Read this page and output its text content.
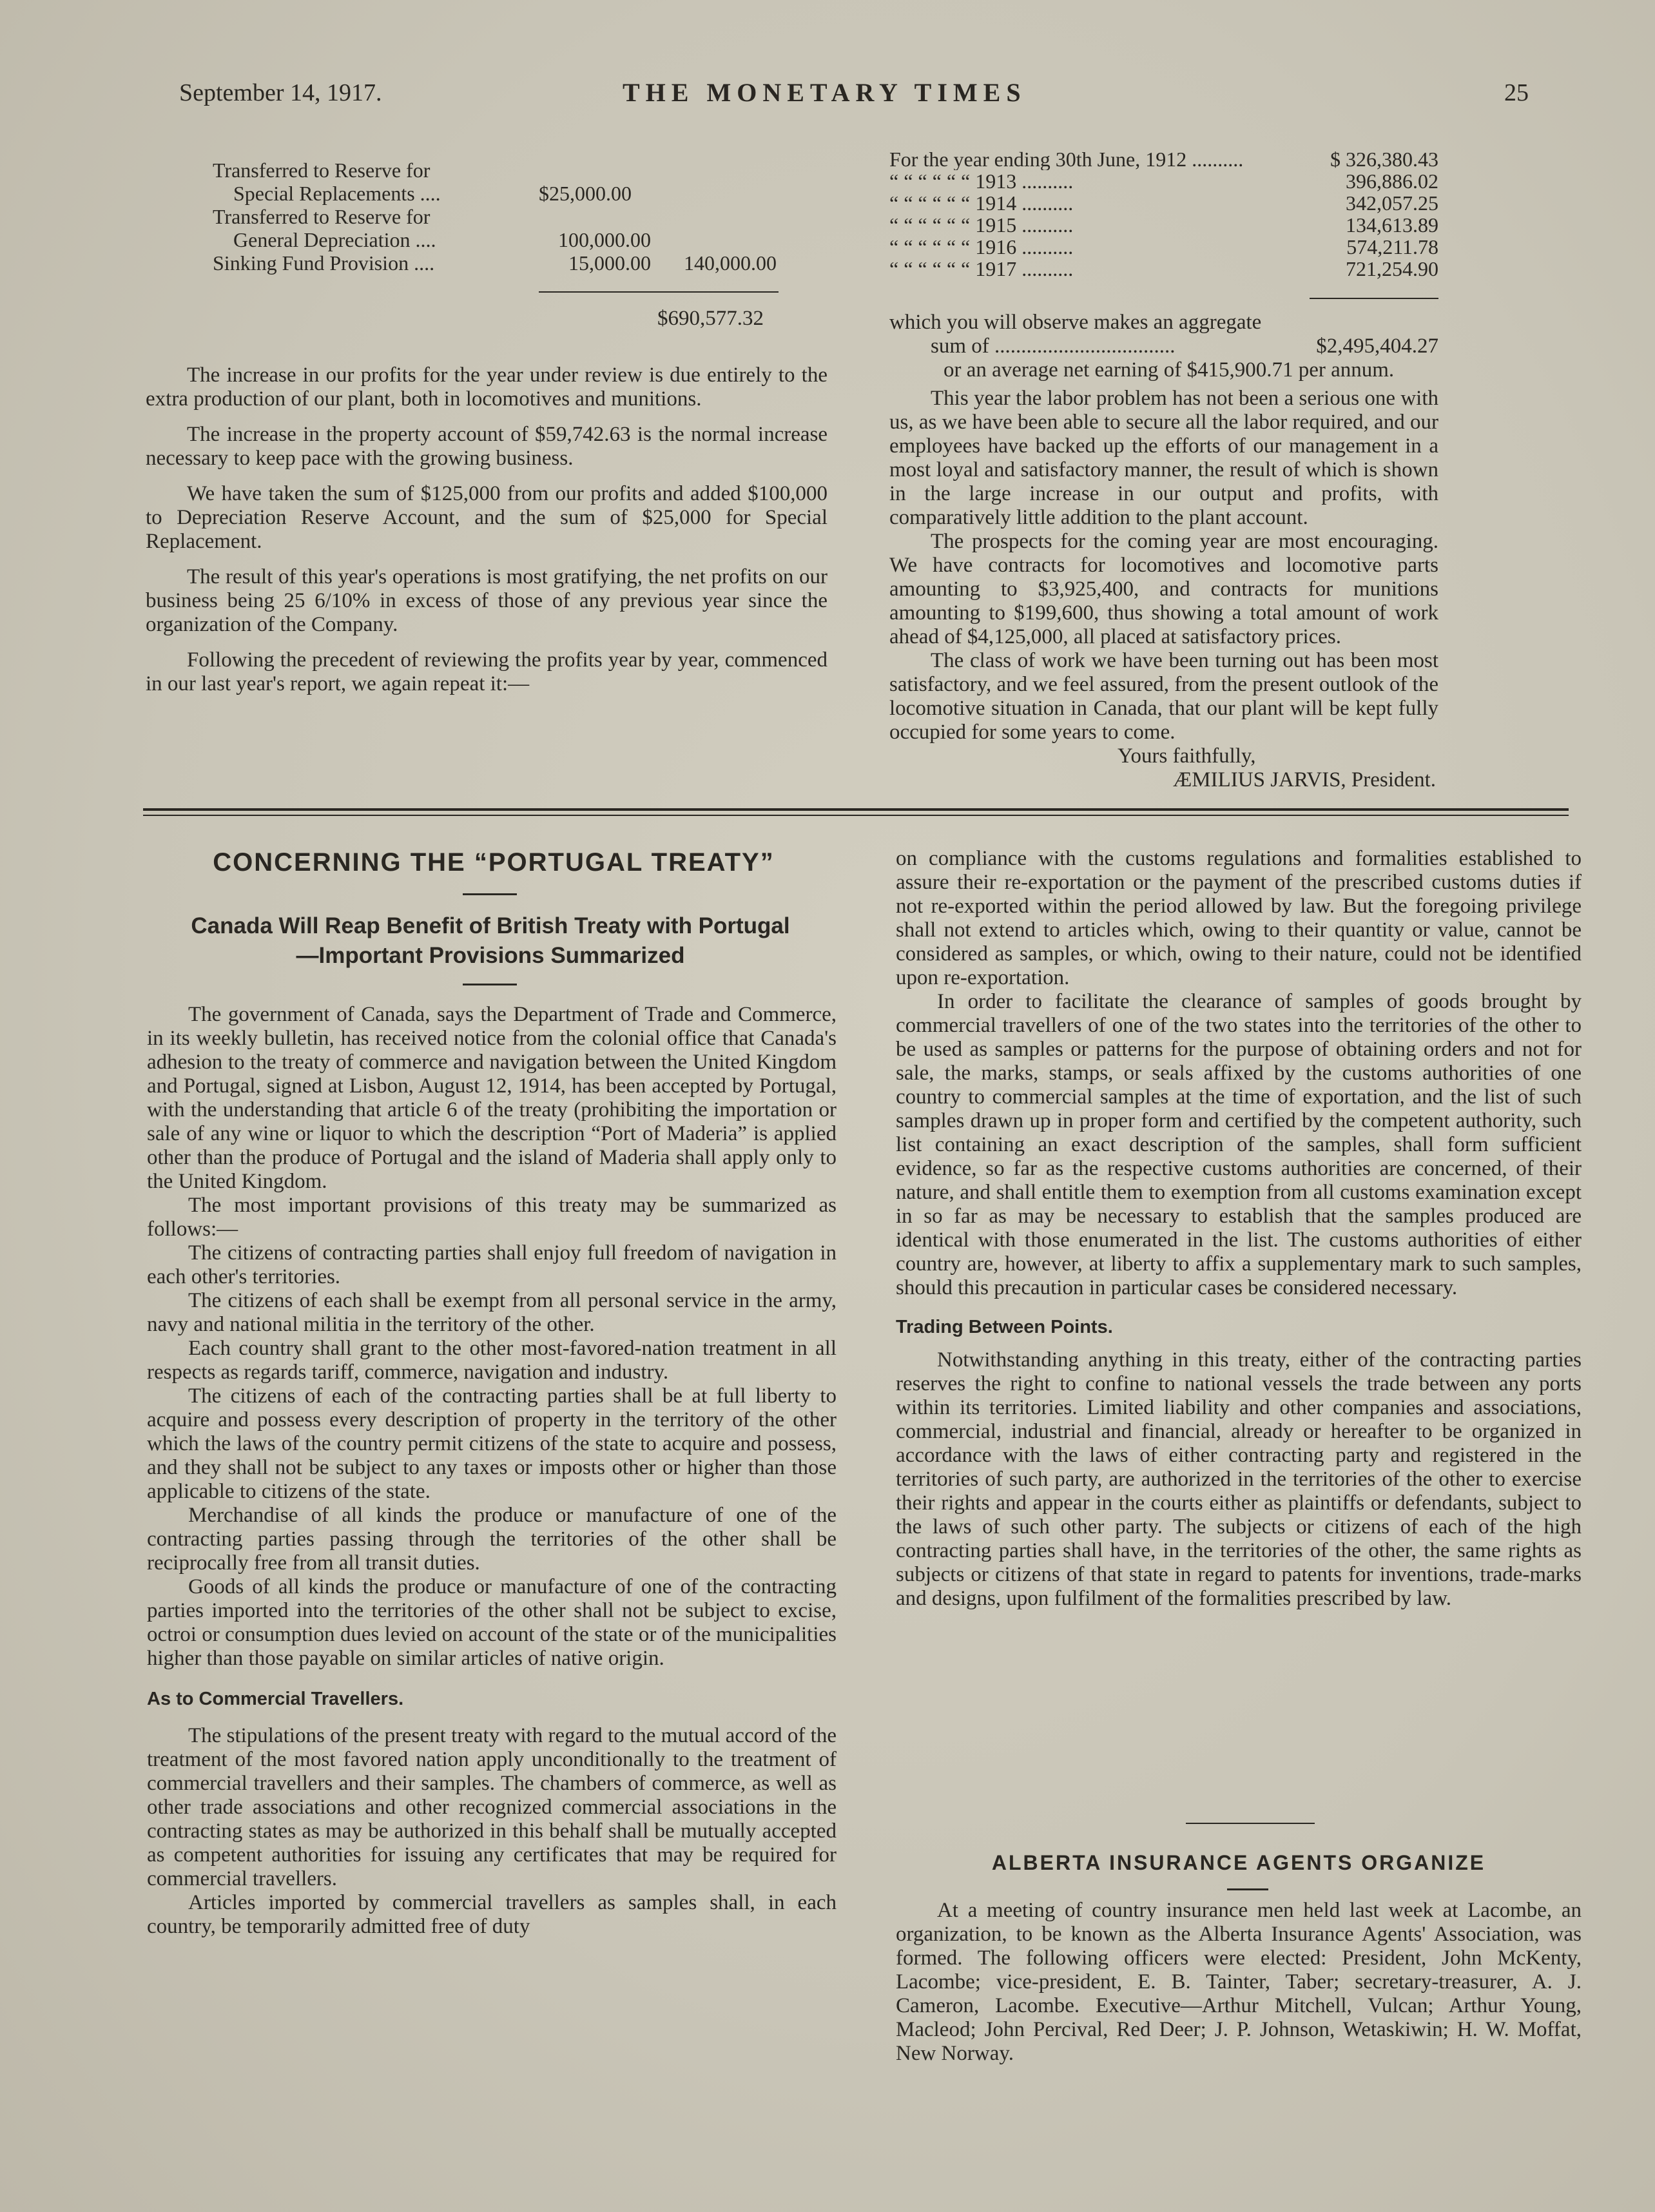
September 14, 1917.	THE MONETARY TIMES	25
Transferred to Reserve for
Special Replacements ....	$25,000.00
Transferred to Reserve for
General Depreciation ....	100,000.00
Sinking Fund Provision ....	15,000.00	140,000.00
$690,577.32

The increase in our profits for the year under review is due entirely to the extra production of our plant, both in locomotives and munitions.

The increase in the property account of $59,742.63 is the normal increase necessary to keep pace with the growing business.

We have taken the sum of $125,000 from our profits and added $100,000 to Depreciation Reserve Account, and the sum of $25,000 for Special Replacement.

The result of this year's operations is most gratifying, the net profits on our business being 25 6/10% in excess of those of any previous year since the organization of the Company.

Following the precedent of reviewing the profits year by year, commenced in our last year's report, we again repeat it:—

For the year ending 30th June, 1912 ..........	$ 326,380.43
“ “ “ “ “ “ 1913 ..........	396,886.02
“ “ “ “ “ “ 1914 ..........	342,057.25
“ “ “ “ “ “ 1915 ..........	134,613.89
“ “ “ “ “ “ 1916 ..........	574,211.78
“ “ “ “ “ “ 1917 ..........	721,254.90

which you will observe makes an aggregate

sum of ..................................	$2,495,404.27

or an average net earning of $415,900.71 per annum.

This year the labor problem has not been a serious one with us, as we have been able to secure all the labor required, and our employees have backed up the efforts of our management in a most loyal and satisfactory manner, the result of which is shown in the large increase in our output and profits, with comparatively little addition to the plant account.

The prospects for the coming year are most encouraging. We have contracts for locomotives and locomotive parts amounting to $3,925,400, and contracts for munitions amounting to $199,600, thus showing a total amount of work ahead of $4,125,000, all placed at satisfactory prices.

The class of work we have been turning out has been most satisfactory, and we feel assured, from the present outlook of the locomotive situation in Canada, that our plant will be kept fully occupied for some years to come.

Yours faithfully,

ÆMILIUS JARVIS, President.

CONCERNING THE “PORTUGAL TREATY”
Canada Will Reap Benefit of British Treaty with Portugal
—Important Provisions Summarized

The government of Canada, says the Department of Trade and Commerce, in its weekly bulletin, has received notice from the colonial office that Canada's adhesion to the treaty of commerce and navigation between the United Kingdom and Portugal, signed at Lisbon, August 12, 1914, has been accepted by Portugal, with the understanding that article 6 of the treaty (prohibiting the importation or sale of any wine or liquor to which the description “Port of Maderia” is applied other than the produce of Portugal and the island of Maderia shall apply only to the United Kingdom.

The most important provisions of this treaty may be summarized as follows:—

The citizens of contracting parties shall enjoy full freedom of navigation in each other's territories.

The citizens of each shall be exempt from all personal service in the army, navy and national militia in the territory of the other.

Each country shall grant to the other most-favored-nation treatment in all respects as regards tariff, commerce, navigation and industry.

The citizens of each of the contracting parties shall be at full liberty to acquire and possess every description of property in the territory of the other which the laws of the country permit citizens of the state to acquire and possess, and they shall not be subject to any taxes or imposts other or higher than those applicable to citizens of the state.

Merchandise of all kinds the produce or manufacture of one of the contracting parties passing through the territories of the other shall be reciprocally free from all transit duties.

Goods of all kinds the produce or manufacture of one of the contracting parties imported into the territories of the other shall not be subject to excise, octroi or consumption dues levied on account of the state or of the municipalities higher than those payable on similar articles of native origin.

As to Commercial Travellers.

The stipulations of the present treaty with regard to the mutual accord of the treatment of the most favored nation apply unconditionally to the treatment of commercial travellers and their samples. The chambers of commerce, as well as other trade associations and other recognized commercial associations in the contracting states as may be authorized in this behalf shall be mutually accepted as competent authorities for issuing any certificates that may be required for commercial travellers.

Articles imported by commercial travellers as samples shall, in each country, be temporarily admitted free of duty

on compliance with the customs regulations and formalities established to assure their re-exportation or the payment of the prescribed customs duties if not re-exported within the period allowed by law. But the foregoing privilege shall not extend to articles which, owing to their quantity or value, cannot be considered as samples, or which, owing to their nature, could not be identified upon re-exportation.

In order to facilitate the clearance of samples of goods brought by commercial travellers of one of the two states into the territories of the other to be used as samples or patterns for the purpose of obtaining orders and not for sale, the marks, stamps, or seals affixed by the customs authorities of one country to commercial samples at the time of exportation, and the list of such samples drawn up in proper form and certified by the competent authority, such list containing an exact description of the samples, shall form sufficient evidence, so far as the respective customs authorities are concerned, of their nature, and shall entitle them to exemption from all customs examination except in so far as may be necessary to establish that the samples produced are identical with those enumerated in the list. The customs authorities of either country are, however, at liberty to affix a supplementary mark to such samples, should this precaution in particular cases be considered necessary.

Trading Between Points.

Notwithstanding anything in this treaty, either of the contracting parties reserves the right to confine to national vessels the trade between any ports within its territories. Limited liability and other companies and associations, commercial, industrial and financial, already or hereafter to be organized in accordance with the laws of either contracting party and registered in the territories of such party, are authorized in the territories of the other to exercise their rights and appear in the courts either as plaintiffs or defendants, subject to the laws of such other party. The subjects or citizens of each of the high contracting parties shall have, in the territories of the other, the same rights as subjects or citizens of that state in regard to patents for inventions, trade-marks and designs, upon fulfilment of the formalities prescribed by law.

ALBERTA INSURANCE AGENTS ORGANIZE

At a meeting of country insurance men held last week at Lacombe, an organization, to be known as the Alberta Insurance Agents' Association, was formed. The following officers were elected: President, John McKenty, Lacombe; vice-president, E. B. Tainter, Taber; secretary-treasurer, A. J. Cameron, Lacombe. Executive—Arthur Mitchell, Vulcan; Arthur Young, Macleod; John Percival, Red Deer; J. P. Johnson, Wetaskiwin; H. W. Moffat, New Norway.
